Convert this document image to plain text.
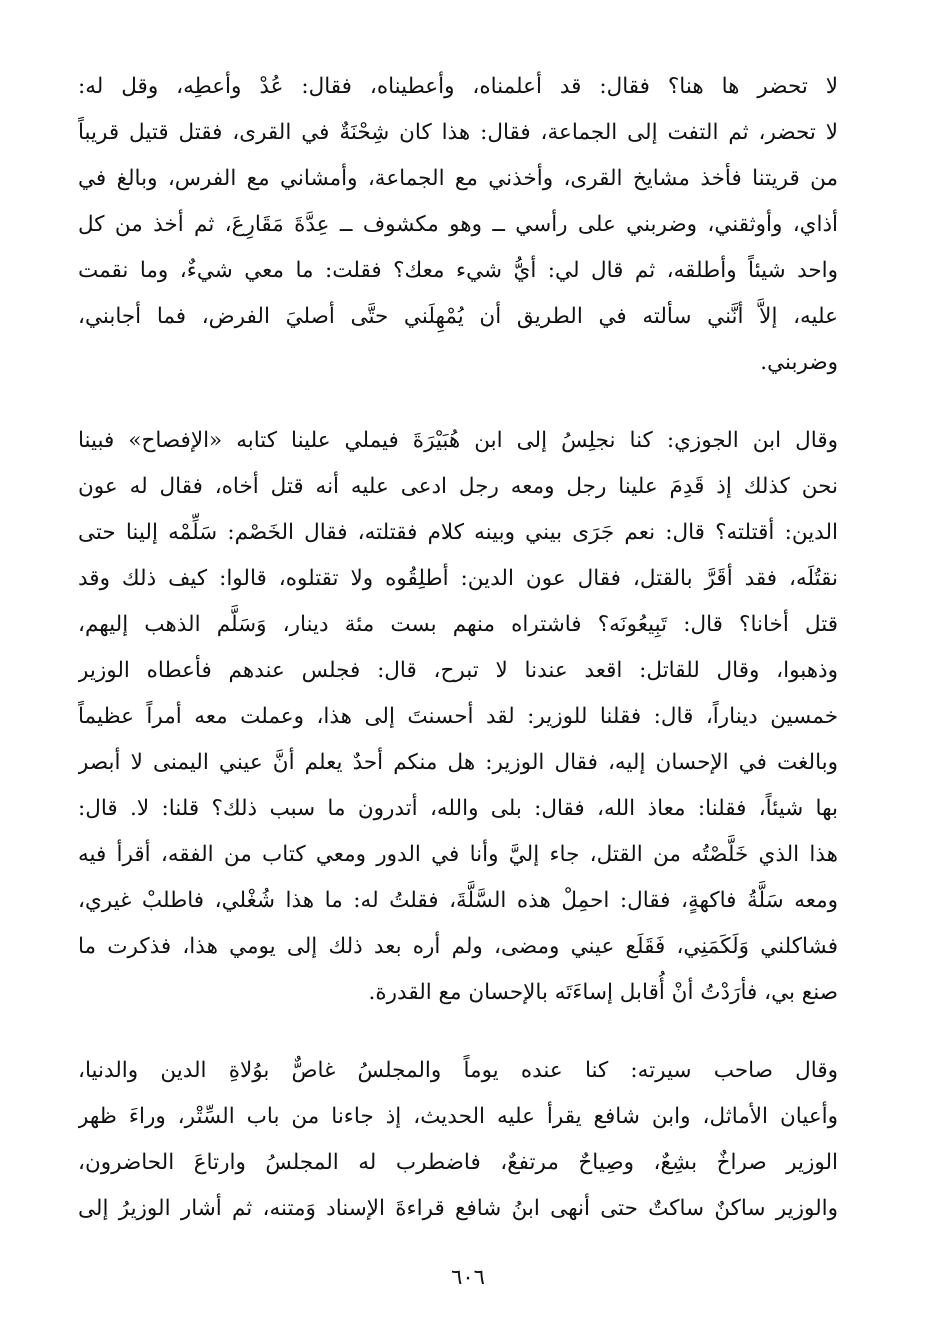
لا تحضر ها هنا؟ فقال: قد أعلمناه، وأعطيناه، فقال: عُدْ وأعطِه، وقل له:
لا تحضر، ثم التفت إلى الجماعة، فقال: هذا كان شِحْنَةٌ في القرى، فقتل قتيل قريباً
من قريتنا فأخذ مشايخ القرى، وأخذني مع الجماعة، وأمشاني مع الفرس، وبالغ في
أذاي، وأوثقني، وضربني على رأسي ــ وهو مكشوف ــ عِدَّةَ مَقَارِعَ، ثم أخذ من كل
واحد شيئاً وأطلقه، ثم قال لي: أيُّ شيء معك؟ فقلت: ما معي شيءٌ، وما نقمت
عليه، إلاَّ أنَّني سألته في الطريق أن يُمْهِلَني حتَّى أصليَ الفرض، فما أجابني،
وضربني.
وقال ابن الجوزي: كنا نجلِسُ إلى ابن هُبَيْرَةَ فيملي علينا كتابه «الإفصاح» فبينا
نحن كذلك إذ قَدِمَ علينا رجل ومعه رجل ادعى عليه أنه قتل أخاه، فقال له عون
الدين: أقتلته؟ قال: نعم جَرَى بيني وبينه كلام فقتلته، فقال الخَصْم: سَلِّمْه إلينا حتى
نقتُلَه، فقد أقَرَّ بالقتل، فقال عون الدين: أطلِقُوه ولا تقتلوه، قالوا: كيف ذلك وقد
قتل أخانا؟ قال: تَبِيعُونَه؟ فاشتراه منهم بست مئة دينار، وَسَلَّم الذهب إليهم،
وذهبوا، وقال للقاتل: اقعد عندنا لا تبرح، قال: فجلس عندهم فأعطاه الوزير
خمسين ديناراً، قال: فقلنا للوزير: لقد أحسنتَ إلى هذا، وعملت معه أمراً عظيماً
وبالغت في الإحسان إليه، فقال الوزير: هل منكم أحدٌ يعلم أنَّ عيني اليمنى لا أبصر
بها شيئاً، فقلنا: معاذ الله، فقال: بلى والله، أتدرون ما سبب ذلك؟ قلنا: لا. قال:
هذا الذي خَلَّصْتُه من القتل، جاء إليَّ وأنا في الدور ومعي كتاب من الفقه، أقرأ فيه
ومعه سَلَّةُ فاكهةٍ، فقال: احمِلْ هذه السَّلَّةَ، فقلتُ له: ما هذا شُغْلي، فاطلبْ غيري،
فشاكلني وَلَكَمَنِي، فَقَلَع عيني ومضى، ولم أره بعد ذلك إلى يومي هذا، فذكرت ما
صنع بي، فأرَدْتُ أنْ أُقابل إساءَتَه بالإحسان مع القدرة.
وقال صاحب سيرته: كنا عنده يوماً والمجلسُ غاصٌّ بوُلاةِ الدين والدنيا،
وأعيان الأماثل، وابن شافع يقرأ عليه الحديث، إذ جاءنا من باب السِّتْر، وراءَ ظهر
الوزير صراخٌ بشِعٌ، وصِياحٌ مرتفعٌ، فاضطرب له المجلسُ وارتاعَ الحاضرون،
والوزير ساكنٌ ساكتٌ حتى أنهى ابنُ شافع قراءةَ الإسناد وَمتنه، ثم أشار الوزيرُ إلى
٦٠٦
